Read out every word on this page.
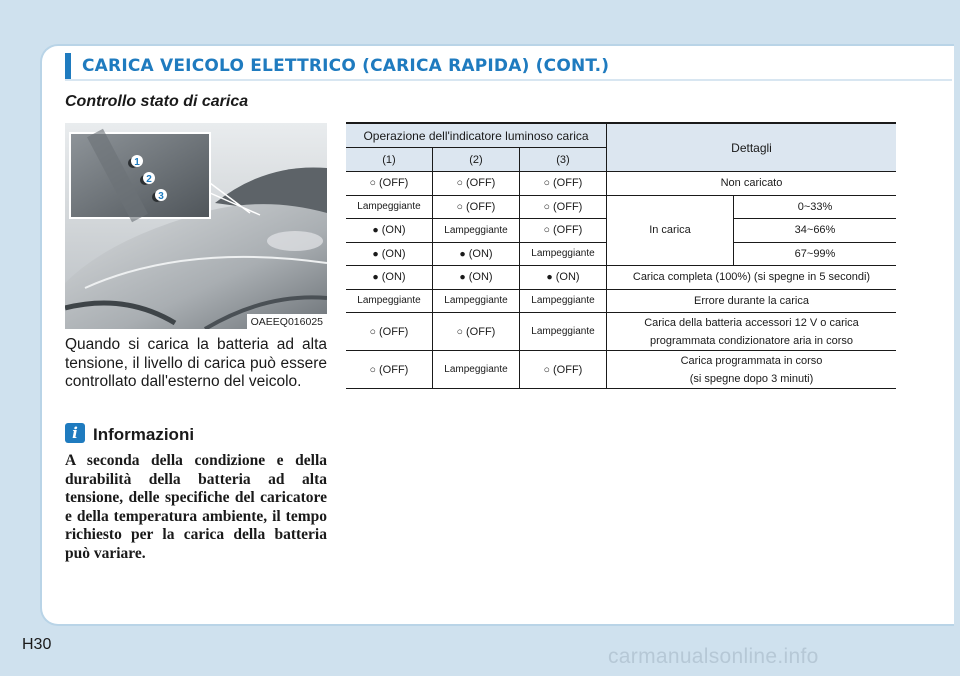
CARICA VEICOLO ELETTRICO (CARICA RAPIDA) (CONT.)
Controllo stato di carica
1
2
3
OAEEQ016025
Quando si carica la batteria ad alta tensione, il livello di carica può essere controllato dall'esterno del veicolo.
i Informazioni
A seconda della condizione e della durabilità della batteria ad alta tensione, delle specifiche del caricatore e della temperatura ambiente, il tempo richiesto per la carica della batteria può variare.
Operazione dell'indicatore luminoso carica			Dettagli	
(1)	(2)	(3)		
○ (OFF)	○ (OFF)	○ (OFF)	Non caricato	
Lampeggiante	○ (OFF)	○ (OFF)	In carica	0~33%
● (ON)	Lampeggiante	○ (OFF)		34~66%
● (ON)	● (ON)	Lampeggiante		67~99%
● (ON)	● (ON)	● (ON)	Carica completa (100%) (si spegne in 5 secondi)	
Lampeggiante	Lampeggiante	Lampeggiante	Errore durante la carica	
○ (OFF)	○ (OFF)	Lampeggiante	Carica della batteria accessori 12 V o carica
programmata condizionatore aria in corso	

○ (OFF)	Lampeggiante	○ (OFF)	Carica programmata in corso
(si spegne dopo 3 minuti)	
H30
carmanualsonline.info
